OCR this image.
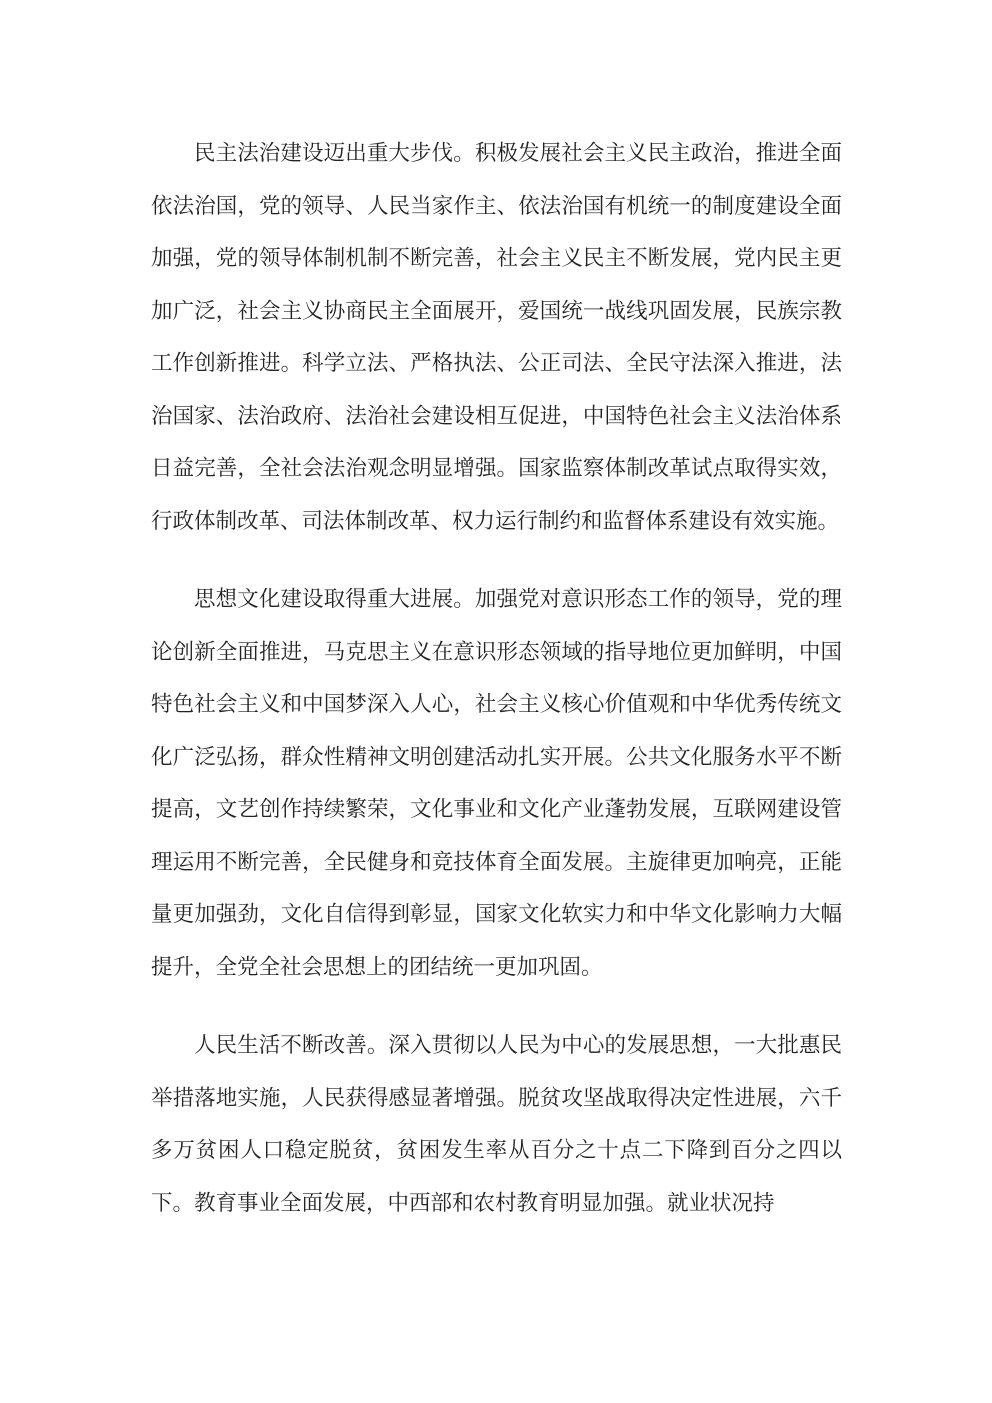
民主法治建设迈出重大步伐。积极发展社会主义民主政治，推进全面依法治国，党的领导、人民当家作主、依法治国有机统一的制度建设全面加强，党的领导体制机制不断完善，社会主义民主不断发展，党内民主更加广泛，社会主义协商民主全面展开，爱国统一战线巩固发展，民族宗教工作创新推进。科学立法、严格执法、公正司法、全民守法深入推进，法治国家、法治政府、法治社会建设相互促进，中国特色社会主义法治体系日益完善，全社会法治观念明显增强。国家监察体制改革试点取得实效，行政体制改革、司法体制改革、权力运行制约和监督体系建设有效实施。

思想文化建设取得重大进展。加强党对意识形态工作的领导，党的理论创新全面推进，马克思主义在意识形态领域的指导地位更加鲜明，中国特色社会主义和中国梦深入人心，社会主义核心价值观和中华优秀传统文化广泛弘扬，群众性精神文明创建活动扎实开展。公共文化服务水平不断提高，文艺创作持续繁荣，文化事业和文化产业蓬勃发展，互联网建设管理运用不断完善，全民健身和竞技体育全面发展。主旋律更加响亮，正能量更加强劲，文化自信得到彰显，国家文化软实力和中华文化影响力大幅提升，全党全社会思想上的团结统一更加巩固。

人民生活不断改善。深入贯彻以人民为中心的发展思想，一大批惠民举措落地实施，人民获得感显著增强。脱贫攻坚战取得决定性进展，六千多万贫困人口稳定脱贫，贫困发生率从百分之十点二下降到百分之四以下。教育事业全面发展，中西部和农村教育明显加强。就业状况持
